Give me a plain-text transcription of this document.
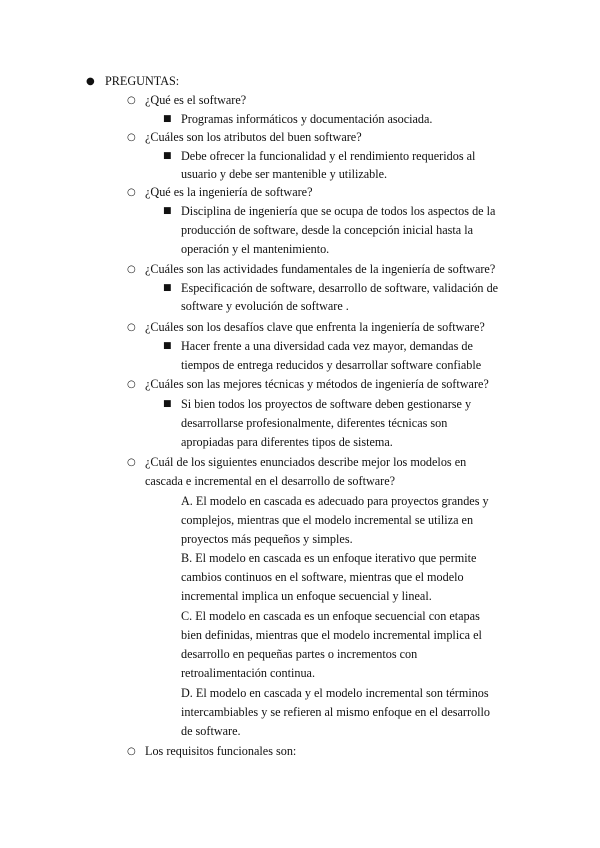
● PREGUNTAS:
○ ¿Qué es el software?
■ Programas informáticos y documentación asociada.
○ ¿Cuáles son los atributos del buen software?
■ Debe ofrecer la funcionalidad y el rendimiento requeridos al
usuario y debe ser mantenible y utilizable.
○ ¿Qué es la ingeniería de software?
■ Disciplina de ingeniería que se ocupa de todos los aspectos de la
producción de software, desde la concepción inicial hasta la
operación y el mantenimiento.
○ ¿Cuáles son las actividades fundamentales de la ingeniería de software?
■ Especificación de software, desarrollo de software, validación de
software y evolución de software .
○ ¿Cuáles son los desafíos clave que enfrenta la ingeniería de software?
■ Hacer frente a una diversidad cada vez mayor, demandas de
tiempos de entrega reducidos y desarrollar software confiable
○ ¿Cuáles son las mejores técnicas y métodos de ingeniería de software?
■ Si bien todos los proyectos de software deben gestionarse y
desarrollarse profesionalmente, diferentes técnicas son
apropiadas para diferentes tipos de sistema.
○ ¿Cuál de los siguientes enunciados describe mejor los modelos en
cascada e incremental en el desarrollo de software?
A. El modelo en cascada es adecuado para proyectos grandes y
complejos, mientras que el modelo incremental se utiliza en
proyectos más pequeños y simples.
B. El modelo en cascada es un enfoque iterativo que permite
cambios continuos en el software, mientras que el modelo
incremental implica un enfoque secuencial y lineal.
C. El modelo en cascada es un enfoque secuencial con etapas
bien definidas, mientras que el modelo incremental implica el
desarrollo en pequeñas partes o incrementos con
retroalimentación continua.
D. El modelo en cascada y el modelo incremental son términos
intercambiables y se refieren al mismo enfoque en el desarrollo
de software.
○ Los requisitos funcionales son:
